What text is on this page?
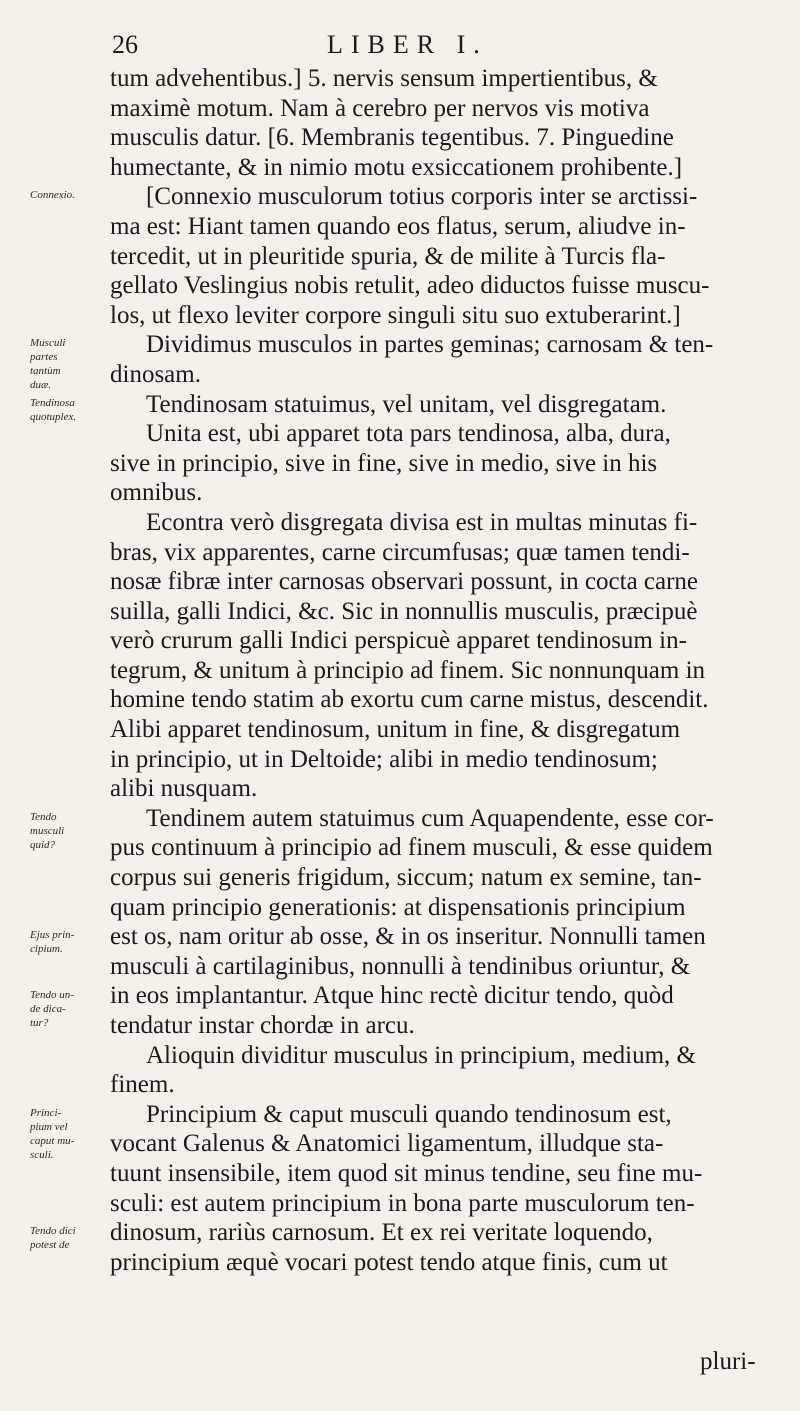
26	LIBER I.
Connexio.
Musculi
partes
tantùm
duæ.
Tendinosa
quotuplex.
Tendo
musculi
quid?
Ejus prin-
cipium.
Tendo un-
de dica-
tur?
Princi-
pium vel
caput mu-
sculi.
Tendo dici
potest de
tum advehentibus.] 5. nervis sensum impertientibus, &
maximè motum. Nam à cerebro per nervos vis motiva
musculis datur. [6. Membranis tegentibus. 7. Pinguedine
humectante, & in nimio motu exsiccationem prohibente.]
[Connexio musculorum totius corporis inter se arctissi-
ma est: Hiant tamen quando eos flatus, serum, aliudve in-
tercedit, ut in pleuritide spuria, & de milite à Turcis fla-
gellato Veslingius nobis retulit, adeo diductos fuisse muscu-
los, ut flexo leviter corpore singuli situ suo extuberarint.]
Dividimus musculos in partes geminas; carnosam & ten-
dinosam.
Tendinosam statuimus, vel unitam, vel disgregatam.
Unita est, ubi apparet tota pars tendinosa, alba, dura,
sive in principio, sive in fine, sive in medio, sive in his
omnibus.
Econtra verò disgregata divisa est in multas minutas fi-
bras, vix apparentes, carne circumfusas; quæ tamen tendi-
nosæ fibræ inter carnosas observari possunt, in cocta carne
suilla, galli Indici, &c. Sic in nonnullis musculis, præcipuè
verò crurum galli Indici perspicuè apparet tendinosum in-
tegrum, & unitum à principio ad finem. Sic nonnunquam in
homine tendo statim ab exortu cum carne mistus, descendit.
Alibi apparet tendinosum, unitum in fine, & disgregatum
in principio, ut in Deltoide; alibi in medio tendinosum;
alibi nusquam.
Tendinem autem statuimus cum Aquapendente, esse cor-
pus continuum à principio ad finem musculi, & esse quidem
corpus sui generis frigidum, siccum; natum ex semine, tan-
quam principio generationis: at dispensationis principium
est os, nam oritur ab osse, & in os inseritur. Nonnulli tamen
musculi à cartilaginibus, nonnulli à tendinibus oriuntur, &
in eos implantantur. Atque hinc rectè dicitur tendo, quòd
tendatur instar chordæ in arcu.
Alioquin dividitur musculus in principium, medium, &
finem.
Principium & caput musculi quando tendinosum est,
vocant Galenus & Anatomici ligamentum, illudque sta-
tuunt insensibile, item quod sit minus tendine, seu fine mu-
sculi: est autem principium in bona parte musculorum ten-
dinosum, rariùs carnosum. Et ex rei veritate loquendo,
principium æquè vocari potest tendo atque finis, cum ut
pluri-
